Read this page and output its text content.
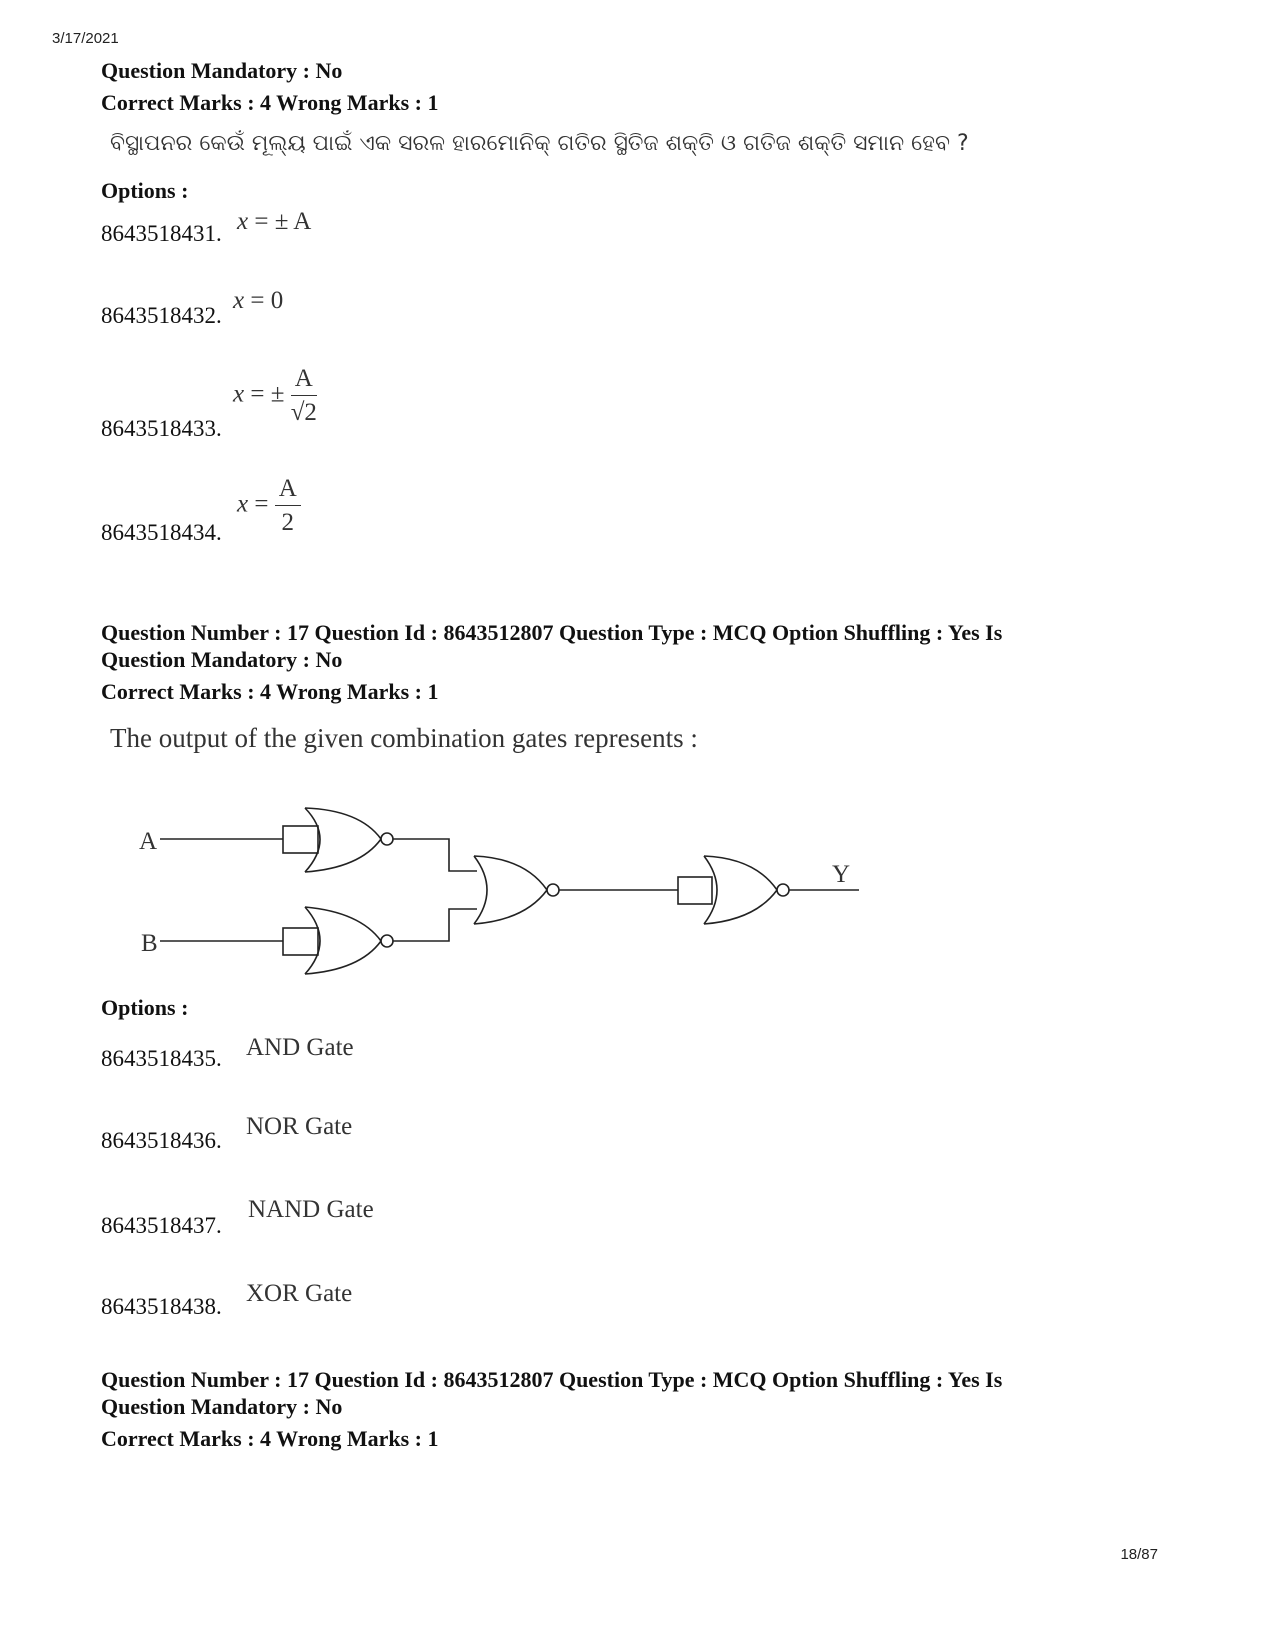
3/17/2021
Question Mandatory : No
Correct Marks : 4 Wrong Marks : 1
ବିସ୍ଥାପନର କେଉଁ ମୂଲ୍ୟ ପାଇଁ ଏକ ସରଳ ହାରମୋନିକ୍ ଗତିର ସ୍ଥିତିଜ ଶକ୍ତି ଓ ଗତିଜ ଶକ୍ତି ସମାନ ହେବ ?
Options :
8643518431. x = ± A
8643518432.
x = 0
8643518433.
x = ± $\frac{A}{√2}$
8643518434.
$x = \frac{A}{2}$
Question Number : 17 Question Id : 8643512807 Question Type : MCQ Option Shuffling : Yes Is
Question Mandatory : No
Correct Marks : 4 Wrong Marks : 1
The output of the given combination gates represents :
A
B
Y
Options :
8643518435. AND Gate
8643518436.
NOR Gate
8643518437.
NAND Gate
8643518438. XOR Gate
Question Number : 17 Question Id : 8643512807 Question Type : MCQ Option Shuffling : Yes Is
Question Mandatory : No
Correct Marks : 4 Wrong Marks : 1
18/87
